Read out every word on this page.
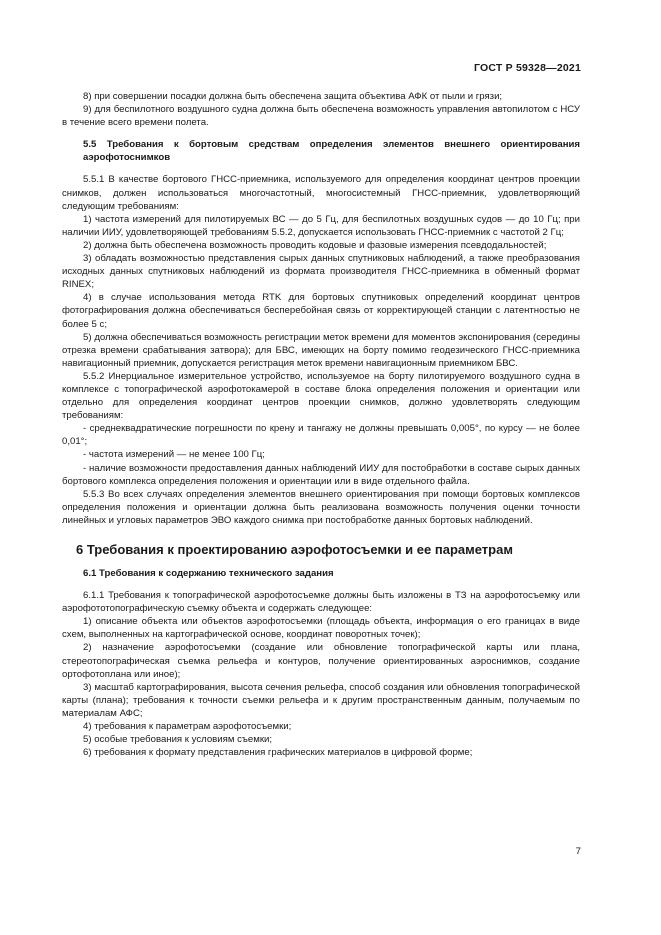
ГОСТ Р 59328—2021

8) при совершении посадки должна быть обеспечена защита объектива АФК от пыли и грязи;

9) для беспилотного воздушного судна должна быть обеспечена возможность управления автопилотом с НСУ в течение всего времени полета.

5.5 Требования к бортовым средствам определения элементов внешнего ориентирования аэрофотоснимков

5.5.1 В качестве бортового ГНСС-приемника, используемого для определения координат центров проекции снимков, должен использоваться многочастотный, многосистемный ГНСС-приемник, удовлетворяющий следующим требованиям:

1) частота измерений для пилотируемых ВС — до 5 Гц, для беспилотных воздушных судов — до 10 Гц; при наличии ИИУ, удовлетворяющей требованиям 5.5.2, допускается использовать ГНСС-приемник с частотой 2 Гц;

2) должна быть обеспечена возможность проводить кодовые и фазовые измерения псевдодальностей;

3) обладать возможностью представления сырых данных спутниковых наблюдений, а также преобразования исходных данных спутниковых наблюдений из формата производителя ГНСС-приемника в обменный формат RINEX;

4) в случае использования метода RTK для бортовых спутниковых определений координат центров фотографирования должна обеспечиваться бесперебойная связь от корректирующей станции с латентностью не более 5 с;

5) должна обеспечиваться возможность регистрации меток времени для моментов экспонирования (середины отрезка времени срабатывания затвора); для БВС, имеющих на борту помимо геодезического ГНСС-приемника навигационный приемник, допускается регистрация меток времени навигационным приемником БВС.

5.5.2 Инерциальное измерительное устройство, используемое на борту пилотируемого воздушного судна в комплексе с топографической аэрофотокамерой в составе блока определения положения и ориентации или отдельно для определения координат центров проекции снимков, должно удовлетворять следующим требованиям:

- среднеквадратические погрешности по крену и тангажу не должны превышать 0,005°, по курсу — не более 0,01°;

- частота измерений — не менее 100 Гц;

- наличие возможности предоставления данных наблюдений ИИУ для постобработки в составе сырых данных бортового комплекса определения положения и ориентации или в виде отдельного файла.

5.5.3 Во всех случаях определения элементов внешнего ориентирования при помощи бортовых комплексов определения положения и ориентации должна быть реализована возможность получения оценки точности линейных и угловых параметров ЭВО каждого снимка при постобработке данных бортовых наблюдений.

6 Требования к проектированию аэрофотосъемки и ее параметрам

6.1 Требования к содержанию технического задания

6.1.1 Требования к топографической аэрофотосъемке должны быть изложены в ТЗ на аэрофотосъемку или аэрофототопографическую съемку объекта и содержать следующее:

1) описание объекта или объектов аэрофотосъемки (площадь объекта, информация о его границах в виде схем, выполненных на картографической основе, координат поворотных точек);

2) назначение аэрофотосъемки (создание или обновление топографической карты или плана, стереотопографическая съемка рельефа и контуров, получение ориентированных аэроснимков, создание ортофотоплана или иное);

3) масштаб картографирования, высота сечения рельефа, способ создания или обновления топографической карты (плана); требования к точности съемки рельефа и к другим пространственным данным, получаемым по материалам АФС;

4) требования к параметрам аэрофотосъемки;

5) особые требования к условиям съемки;

6) требования к формату представления графических материалов в цифровой форме;

7
